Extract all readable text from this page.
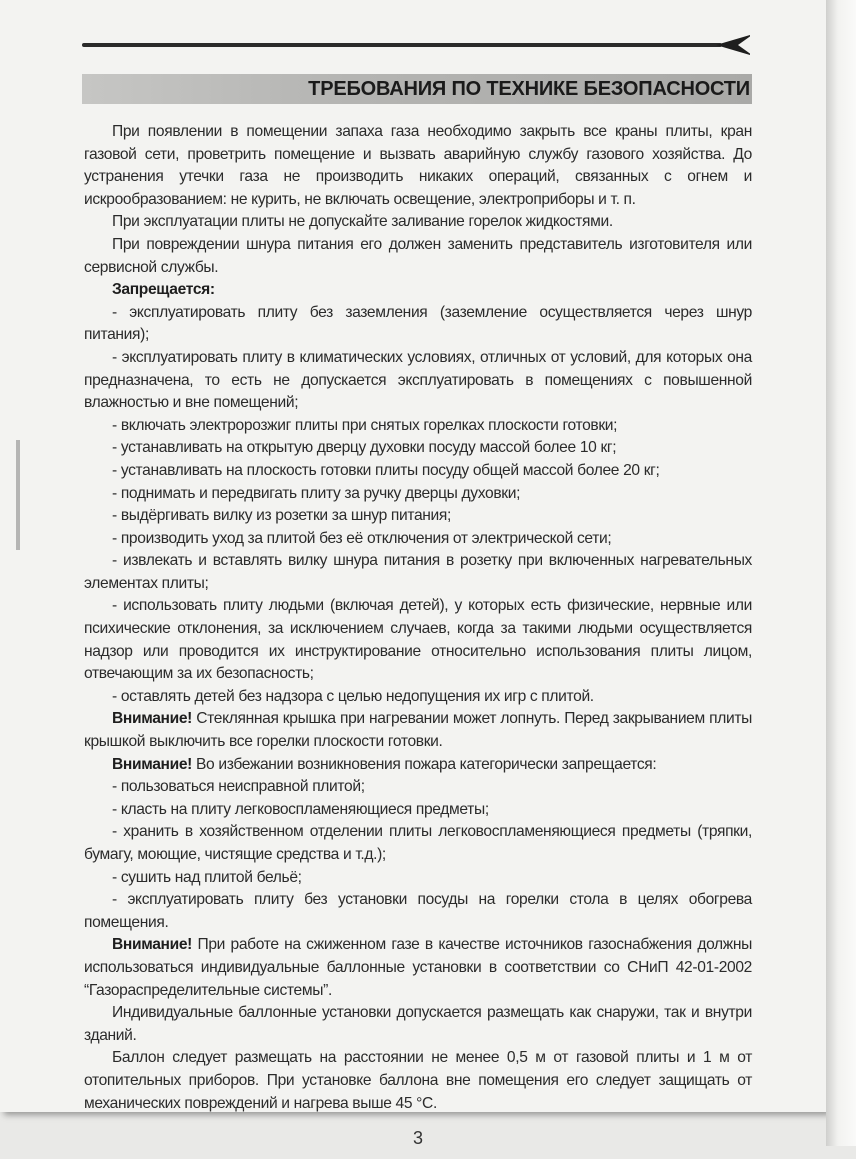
ТРЕБОВАНИЯ ПО ТЕХНИКЕ БЕЗОПАСНОСТИ

При появлении в помещении запаха газа необходимо закрыть все краны плиты, кран газовой сети, проветрить помещение и вызвать аварийную службу газового хозяйства. До устранения утечки газа не производить никаких операций, связанных с огнем и искрообразованием: не курить, не включать освещение, электроприборы и т. п.

При эксплуатации плиты не допускайте заливание горелок жидкостями.

При повреждении шнура питания его должен заменить представитель изготовителя или сервисной службы.

Запрещается:

- эксплуатировать плиту без заземления (заземление осуществляется через шнур питания);

- эксплуатировать плиту в климатических условиях, отличных от условий, для которых она предназначена, то есть не допускается эксплуатировать в помещениях с повышенной влажностью и вне помещений;

- включать электророзжиг плиты при снятых горелках плоскости готовки;

- устанавливать на открытую дверцу духовки посуду массой более 10 кг;

- устанавливать на плоскость готовки плиты посуду общей массой более 20 кг;

- поднимать и передвигать плиту за ручку дверцы духовки;

- выдёргивать вилку из розетки за шнур питания;

- производить уход за плитой без её отключения от электрической сети;

- извлекать и вставлять вилку шнура питания в розетку при включенных нагревательных элементах плиты;

- использовать плиту людьми (включая детей), у которых есть физические, нервные или психические отклонения, за исключением случаев, когда за такими людьми осуществляется надзор или проводится их инструктирование относительно использования плиты лицом, отвечающим за их безопасность;

- оставлять детей без надзора с целью недопущения их игр с плитой.

Внимание! Стеклянная крышка при нагревании может лопнуть. Перед закрыванием плиты крышкой выключить все горелки плоскости готовки.

Внимание! Во избежании возникновения пожара категорически запрещается:

- пользоваться неисправной плитой;

- класть на плиту легковоспламеняющиеся предметы;

- хранить в хозяйственном отделении плиты легковоспламеняющиеся предметы (тряпки, бумагу, моющие, чистящие средства и т.д.);

- сушить над плитой бельё;

- эксплуатировать плиту без установки посуды на горелки стола в целях обогрева помещения.

Внимание! При работе на сжиженном газе в качестве источников газоснабжения должны использоваться индивидуальные баллонные установки в соответствии со СНиП 42-01-2002 “Газораспределительные системы”.

Индивидуальные баллонные установки допускается размещать как снаружи, так и внутри зданий.

Баллон следует размещать на расстоянии не менее 0,5 м от газовой плиты и 1 м от отопительных приборов. При установке баллона вне помещения его следует защищать от механических повреждений и нагрева выше 45 °С.

3
